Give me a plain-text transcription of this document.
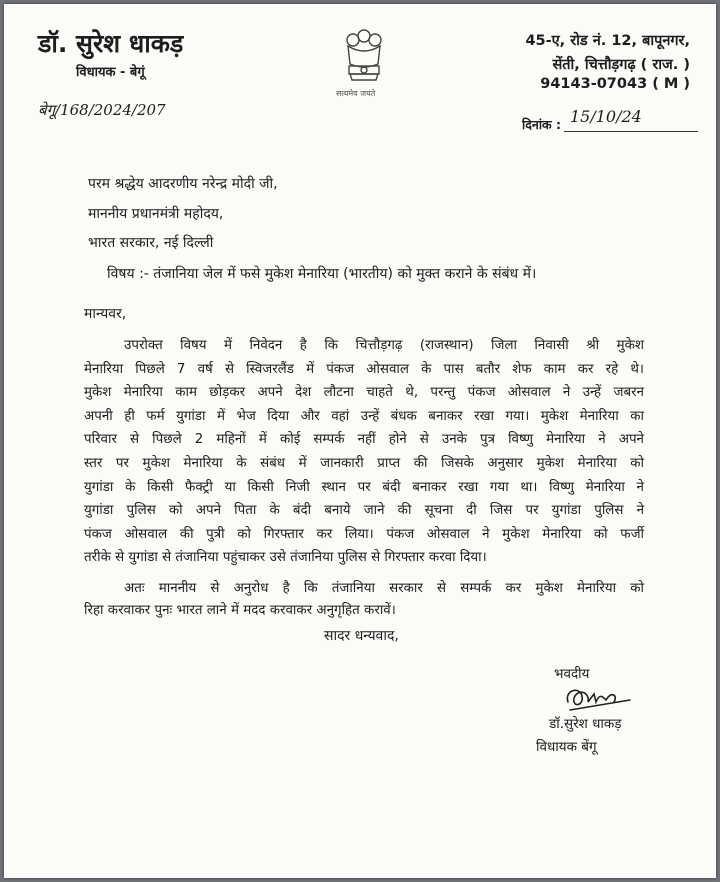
डॉ. सुरेश धाकड़
विधायक - बेगूं
सत्यमेव जयते
45-ए, रोड नं. 12, बापूनगर,
सेंती, चित्तौड़गढ़ ( राज. )
94143-07043 ( M )
बेगू/168/2024/207
दिनांक : 15/10/24
परम श्रद्धेय आदरणीय नरेन्द्र मोदी जी,
माननीय प्रधानमंत्री महोदय,
भारत सरकार, नई दिल्ली
विषय :- तंजानिया जेल में फसे मुकेश मेनारिया (भारतीय) को मुक्त कराने के संबंध में।
मान्यवर,

उपरोक्त विषय में निवेदन है कि चित्तौड़गढ़ (राजस्थान) जिला निवासी श्री मुकेश

मेनारिया पिछले 7 वर्ष से स्विजरलैंड में पंकज ओसवाल के पास बतौर शेफ काम कर रहे थे।

मुकेश मेनारिया काम छोड़कर अपने देश लौटना चाहते थे, परन्तु पंकज ओसवाल ने उन्हें जबरन

अपनी ही फर्म युगांडा में भेज दिया और वहां उन्हें बंधक बनाकर रखा गया। मुकेश मेनारिया का

परिवार से पिछले 2 महिनों में कोई सम्पर्क नहीं होने से उनके पुत्र विष्णु मेनारिया ने अपने

स्तर पर मुकेश मेनारिया के संबंध में जानकारी प्राप्त की जिसके अनुसार मुकेश मेनारिया को

युगांडा के किसी फैक्ट्री या किसी निजी स्थान पर बंदी बनाकर रखा गया था। विष्णु मेनारिया ने

युगांडा पुलिस को अपने पिता के बंदी बनाये जाने की सूचना दी जिस पर युगांडा पुलिस ने

पंकज ओसवाल की पुत्री को गिरफ्तार कर लिया। पंकज ओसवाल ने मुकेश मेनारिया को फर्जी

तरीके से युगांडा से तंजानिया पहुंचाकर उसे तंजानिया पुलिस से गिरफ्तार करवा दिया।

अतः माननीय से अनुरोध है कि तंजानिया सरकार से सम्पर्क कर मुकेश मेनारिया को
रिहा करवाकर पुनः भारत लाने में मदद करवाकर अनुगृहित करावें।
सादर धन्यवाद,
भवदीय
डॉ.सुरेश धाकड़
विधायक बेंगू
